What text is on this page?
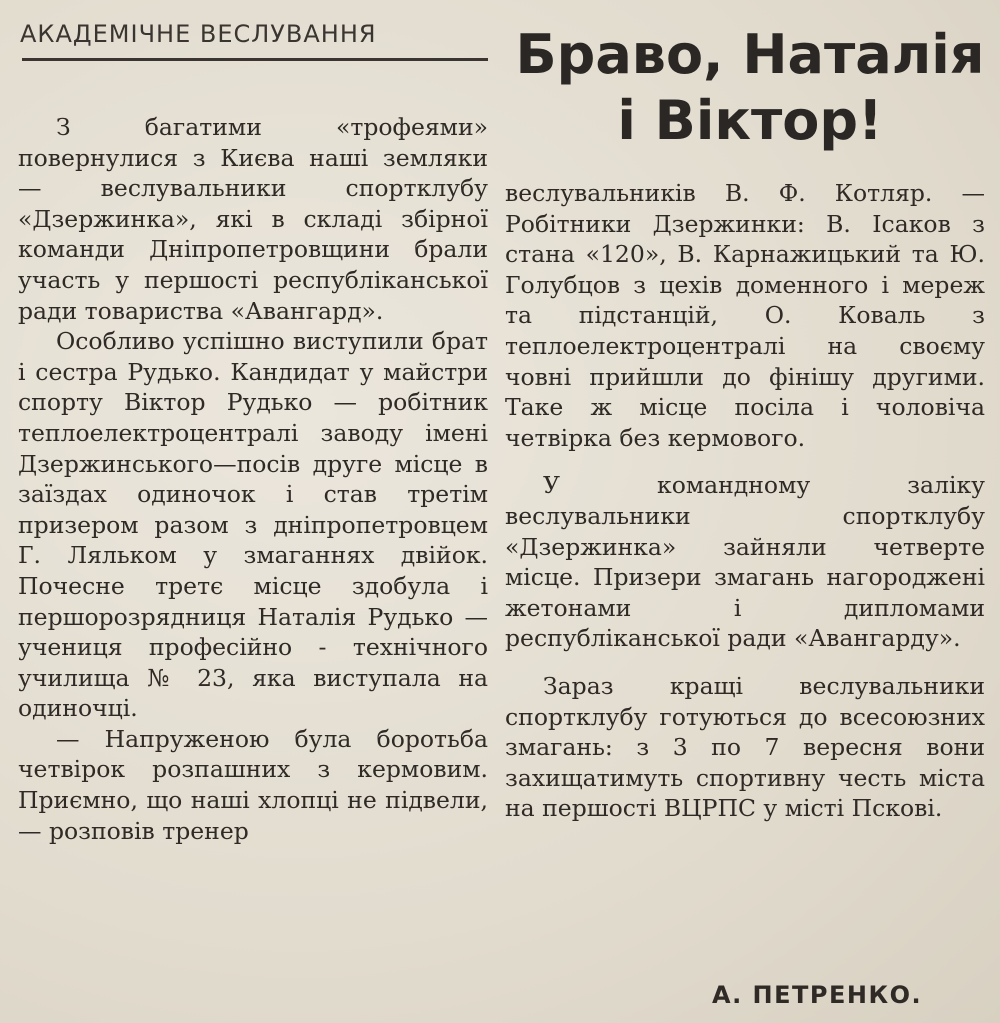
АКАДЕМІЧНЕ ВЕСЛУВАННЯ	Браво, Наталія
і Віктор!

З багатими «трофеями» повернулися з Києва наші земляки — веслувальники спортклубу «Дзержинка», які в складі збірної команди Дніпропетровщини брали участь у першості республіканської ради товариства «Авангард».

Особливо успішно виступили брат і сестра Рудько. Кандидат у майстри спорту Віктор Рудько — робітник теплоелектроцентралі заводу імені Дзержинського—посів друге місце в заїздах одиночок і став третім призером разом з дніпропетровцем Г. Лялькoм у змаганнях двійок. Почесне третє місце здобула і першорозрядниця Наталія Рудько — учениця професійно - технічного училища № 23, яка виступала на одиночці.

— Напруженою була боротьба четвірок розпашних з кермовим. Приємно, що наші хлопці не підвели, — розповів тренер

веслувальників В. Ф. Котляр. — Робітники Дзержинки: В. Ісаков з стана «120», В. Карнажицький та Ю. Голубцов з цехів доменного і мереж та підстанцій, О. Коваль з теплоелектроцентралі на своєму човні прийшли до фінішу другими. Таке ж місце посіла і чоловіча четвірка без кермового.

У командному заліку веслувальники спортклубу «Дзержинка» зайняли четверте місце. Призери змагань нагороджені жетонами і дипломами республіканської ради «Авангарду».

Зараз кращі веслувальники спортклубу готуються до всесоюзних змагань: з 3 по 7 вересня вони захищатимуть спортивну честь міста на першості ВЦРПС у місті Пскові.

А. ПЕТРЕНКО.
